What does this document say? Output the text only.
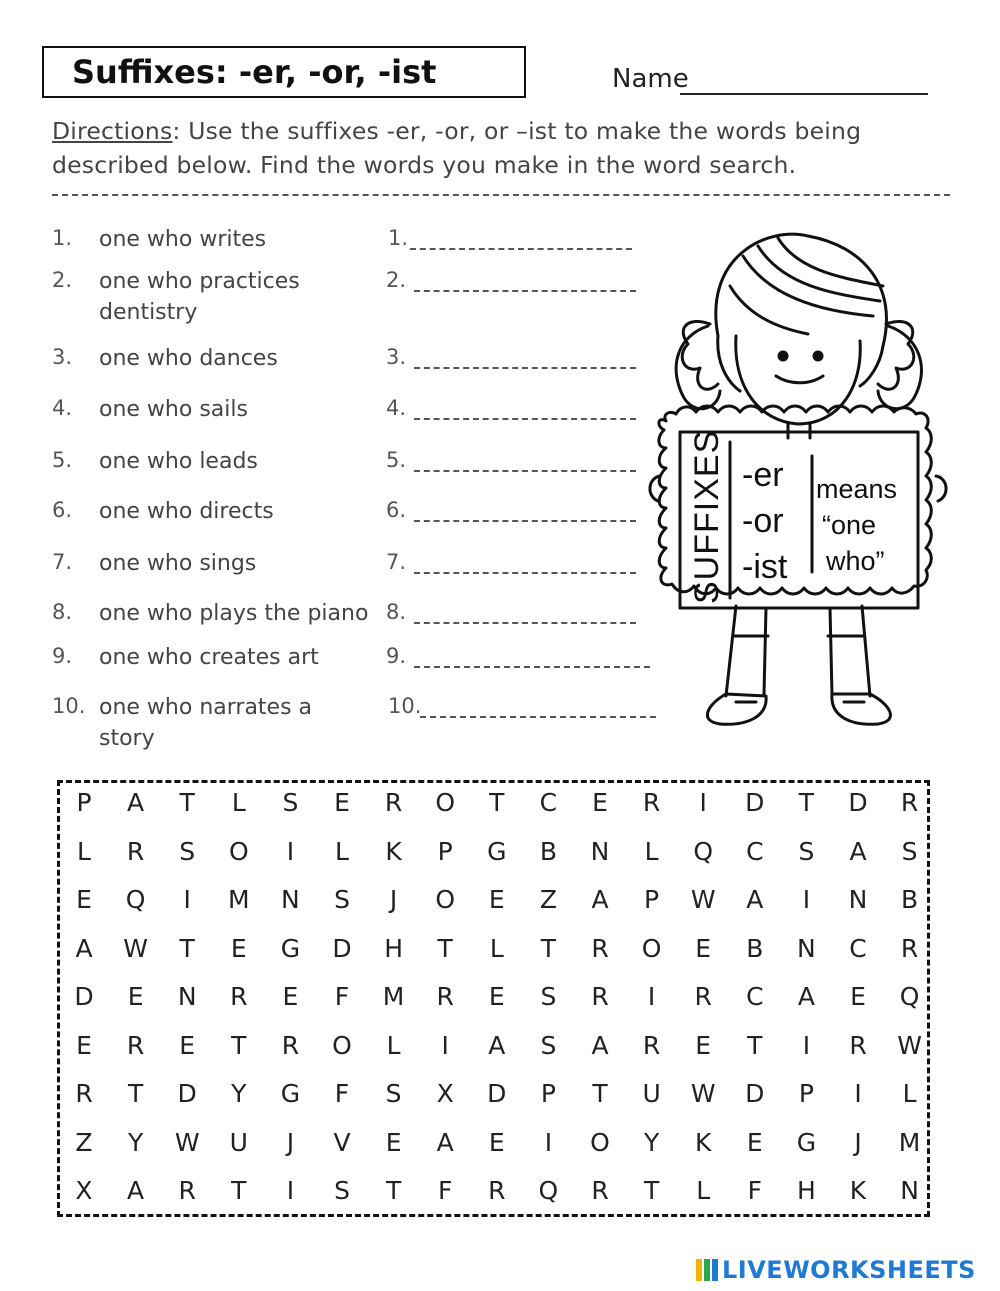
Suffixes: -er, -or, -ist	Name
Directions: Use the suffixes -er, -or, or –ist to make the words being described below. Find the words you make in the word search.
1. one who writes	1.
2. one who practices dentistry
2.
3. one who dances	3.
4. one who sails	4.
5. one who leads	5.
6. one who directs	6.
7. one who sings	7.
8. one who plays the piano 8.
9. one who creates art	9.
10. one who narrates a story
10.
SUFFIXES -er
-or
-ist
means
“one
who”
P	A	T	L	S	E	R	O	T	C	E	R	I	D	T	D	R
L	R	S	O	I	L	K	P	G	B	N	L	Q	C	S	A	S
E	Q	I	M	N	S	J	O	E	Z	A	P	W	A	I	N	B
A	W	T	E	G	D	H	T	L	T	R	O	E	B	N	C	R
D	E	N	R	E	F	M	R	E	S	R	I	R	C	A	E	Q
E	R	E	T	R	O	L	I	A	S	A	R	E	T	I	R	W
R	T	D	Y	G	F	S	X	D	P	T	U	W	D	P	I	L
Z	Y	W	U	J	V	E	A	E	I	O	Y	K	E	G	J	M
X	A	R	T	I	S	T	F	R	Q	R	T	L	F	H	K	N
LIVEWORKSHEETS
